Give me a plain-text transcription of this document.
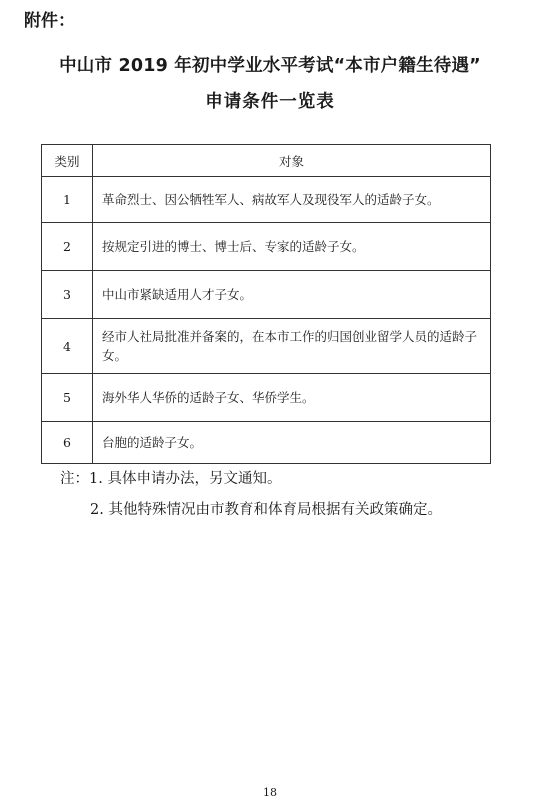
附件：
中山市 2019 年初中学业水平考试“本市户籍生待遇”
申请条件一览表
类别	对象
1	革命烈士、因公牺牲军人、病故军人及现役军人的适龄子女。
2	按规定引进的博士、博士后、专家的适龄子女。
3	中山市紧缺适用人才子女。
4	经市人社局批准并备案的，在本市工作的归国创业留学人员的适龄子女。
5	海外华人华侨的适龄子女、华侨学生。
6	台胞的适龄子女。
注：1. 具体申请办法，另文通知。
2. 其他特殊情况由市教育和体育局根据有关政策确定。
18
